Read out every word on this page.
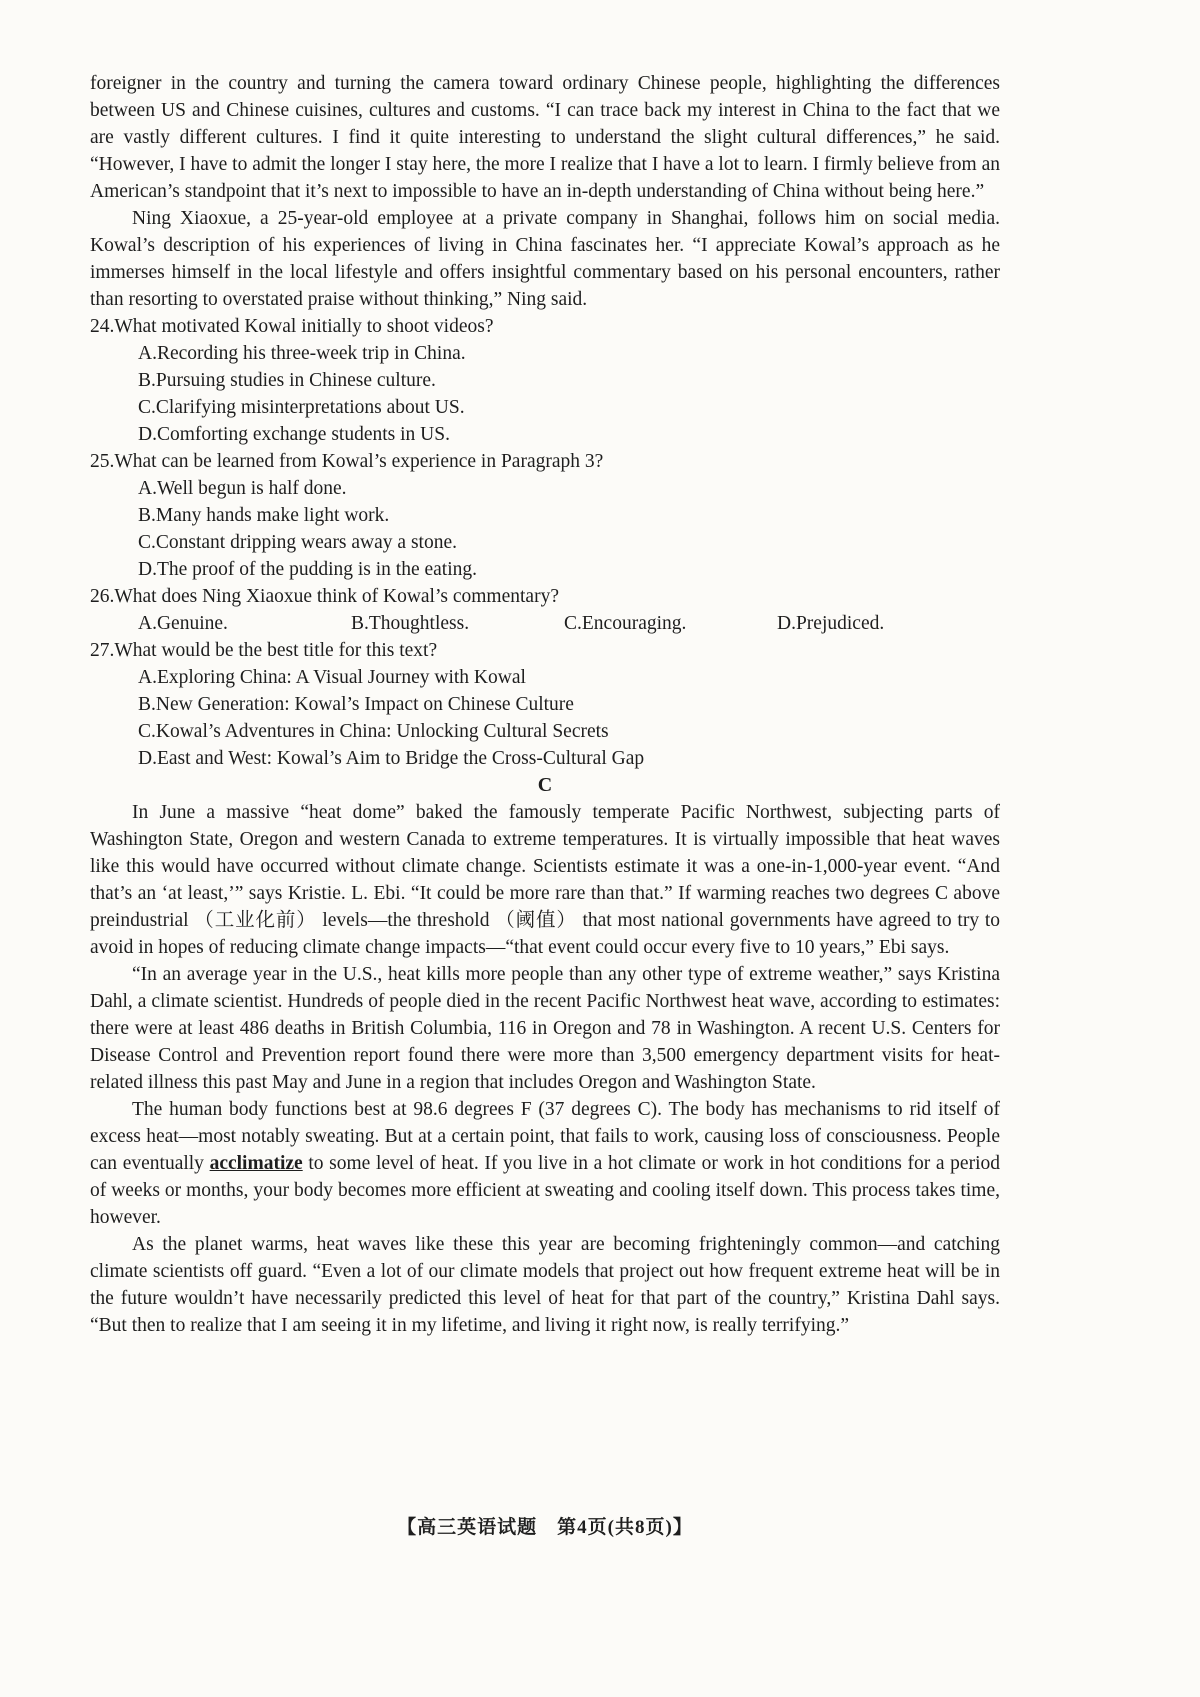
foreigner in the country and turning the camera toward ordinary Chinese people, highlighting the differences between US and Chinese cuisines, cultures and customs. “I can trace back my interest in China to the fact that we are vastly different cultures. I find it quite interesting to understand the slight cultural differences,” he said. “However, I have to admit the longer I stay here, the more I realize that I have a lot to learn. I firmly believe from an American’s standpoint that it’s next to impossible to have an in-depth understanding of China without being here.”

Ning Xiaoxue, a 25-year-old employee at a private company in Shanghai, follows him on social media. Kowal’s description of his experiences of living in China fascinates her. “I appreciate Kowal’s approach as he immerses himself in the local lifestyle and offers insightful commentary based on his personal encounters, rather than resorting to overstated praise without thinking,” Ning said.

24.What motivated Kowal initially to shoot videos?

A.Recording his three-week trip in China.

B.Pursuing studies in Chinese culture.

C.Clarifying misinterpretations about US.

D.Comforting exchange students in US.

25.What can be learned from Kowal’s experience in Paragraph 3?

A.Well begun is half done.

B.Many hands make light work.

C.Constant dripping wears away a stone.

D.The proof of the pudding is in the eating.

26.What does Ning Xiaoxue think of Kowal’s commentary?

A.Genuine.	B.Thoughtless.	C.Encouraging.	D.Prejudiced.

27.What would be the best title for this text?

A.Exploring China: A Visual Journey with Kowal

B.New Generation: Kowal’s Impact on Chinese Culture

C.Kowal’s Adventures in China: Unlocking Cultural Secrets

D.East and West: Kowal’s Aim to Bridge the Cross-Cultural Gap

C

In June a massive “heat dome” baked the famously temperate Pacific Northwest, subjecting parts of Washington State, Oregon and western Canada to extreme temperatures. It is virtually impossible that heat waves like this would have occurred without climate change. Scientists estimate it was a one-in-1,000-year event. “And that’s an ‘at least,’” says Kristie. L. Ebi. “It could be more rare than that.” If warming reaches two degrees C above preindustrial （工业化前） levels—the threshold （阈值） that most national governments have agreed to try to avoid in hopes of reducing climate change impacts—“that event could occur every five to 10 years,” Ebi says.

“In an average year in the U.S., heat kills more people than any other type of extreme weather,” says Kristina Dahl, a climate scientist. Hundreds of people died in the recent Pacific Northwest heat wave, according to estimates: there were at least 486 deaths in British Columbia, 116 in Oregon and 78 in Washington. A recent U.S. Centers for Disease Control and Prevention report found there were more than 3,500 emergency department visits for heat-related illness this past May and June in a region that includes Oregon and Washington State.

The human body functions best at 98.6 degrees F (37 degrees C). The body has mechanisms to rid itself of excess heat—most notably sweating. But at a certain point, that fails to work, causing loss of consciousness. People can eventually acclimatize to some level of heat. If you live in a hot climate or work in hot conditions for a period of weeks or months, your body becomes more efficient at sweating and cooling itself down. This process takes time, however.

As the planet warms, heat waves like these this year are becoming frighteningly common—and catching climate scientists off guard. “Even a lot of our climate models that project out how frequent extreme heat will be in the future wouldn’t have necessarily predicted this level of heat for that part of the country,” Kristina Dahl says. “But then to realize that I am seeing it in my lifetime, and living it right now, is really terrifying.”

【高三英语试题　第4页(共8页)】
